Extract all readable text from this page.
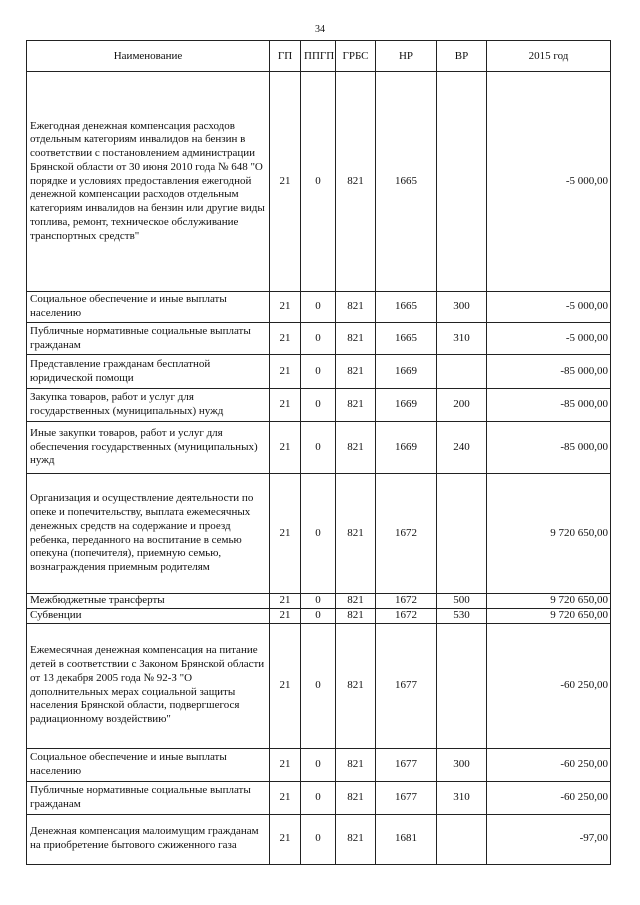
34
Наименование	ГП	ППГП	ГРБС	НР	ВР	2015 год
Ежегодная денежная компенсация расходов отдельным категориям инвалидов на бензин в соответствии с постановлением администрации Брянской области от 30 июня 2010 года № 648 "О порядке и условиях предоставления ежегодной денежной компенсации расходов отдельным категориям инвалидов на бензин или другие виды топлива, ремонт, техническое обслуживание транспортных средств"	21	0	821	1665		-5 000,00
Социальное обеспечение и иные выплаты населению	21	0	821	1665	300	-5 000,00
Публичные нормативные социальные выплаты гражданам	21	0	821	1665	310	-5 000,00
Представление гражданам бесплатной юридической помощи	21	0	821	1669		-85 000,00
Закупка товаров, работ и услуг для государственных (муниципальных) нужд	21	0	821	1669	200	-85 000,00
Иные закупки товаров, работ и услуг для обеспечения государственных (муниципальных) нужд	21	0	821	1669	240	-85 000,00
Организация и осуществление деятельности по опеке и попечительству, выплата ежемесячных денежных средств на содержание и проезд ребенка, переданного на воспитание в семью опекуна (попечителя), приемную семью, вознаграждения приемным родителям	21	0	821	1672		9 720 650,00
Межбюджетные трансферты	21	0	821	1672	500	9 720 650,00
Субвенции	21	0	821	1672	530	9 720 650,00
Ежемесячная денежная компенсация на питание детей в соответствии с Законом Брянской области от 13 декабря 2005 года № 92-З "О дополнительных мерах социальной защиты населения Брянской области, подвергшегося радиационному воздействию"	21	0	821	1677		-60 250,00
Социальное обеспечение и иные выплаты населению	21	0	821	1677	300	-60 250,00
Публичные нормативные социальные выплаты гражданам	21	0	821	1677	310	-60 250,00
Денежная компенсация малоимущим гражданам на приобретение бытового сжиженного газа	21	0	821	1681		-97,00
